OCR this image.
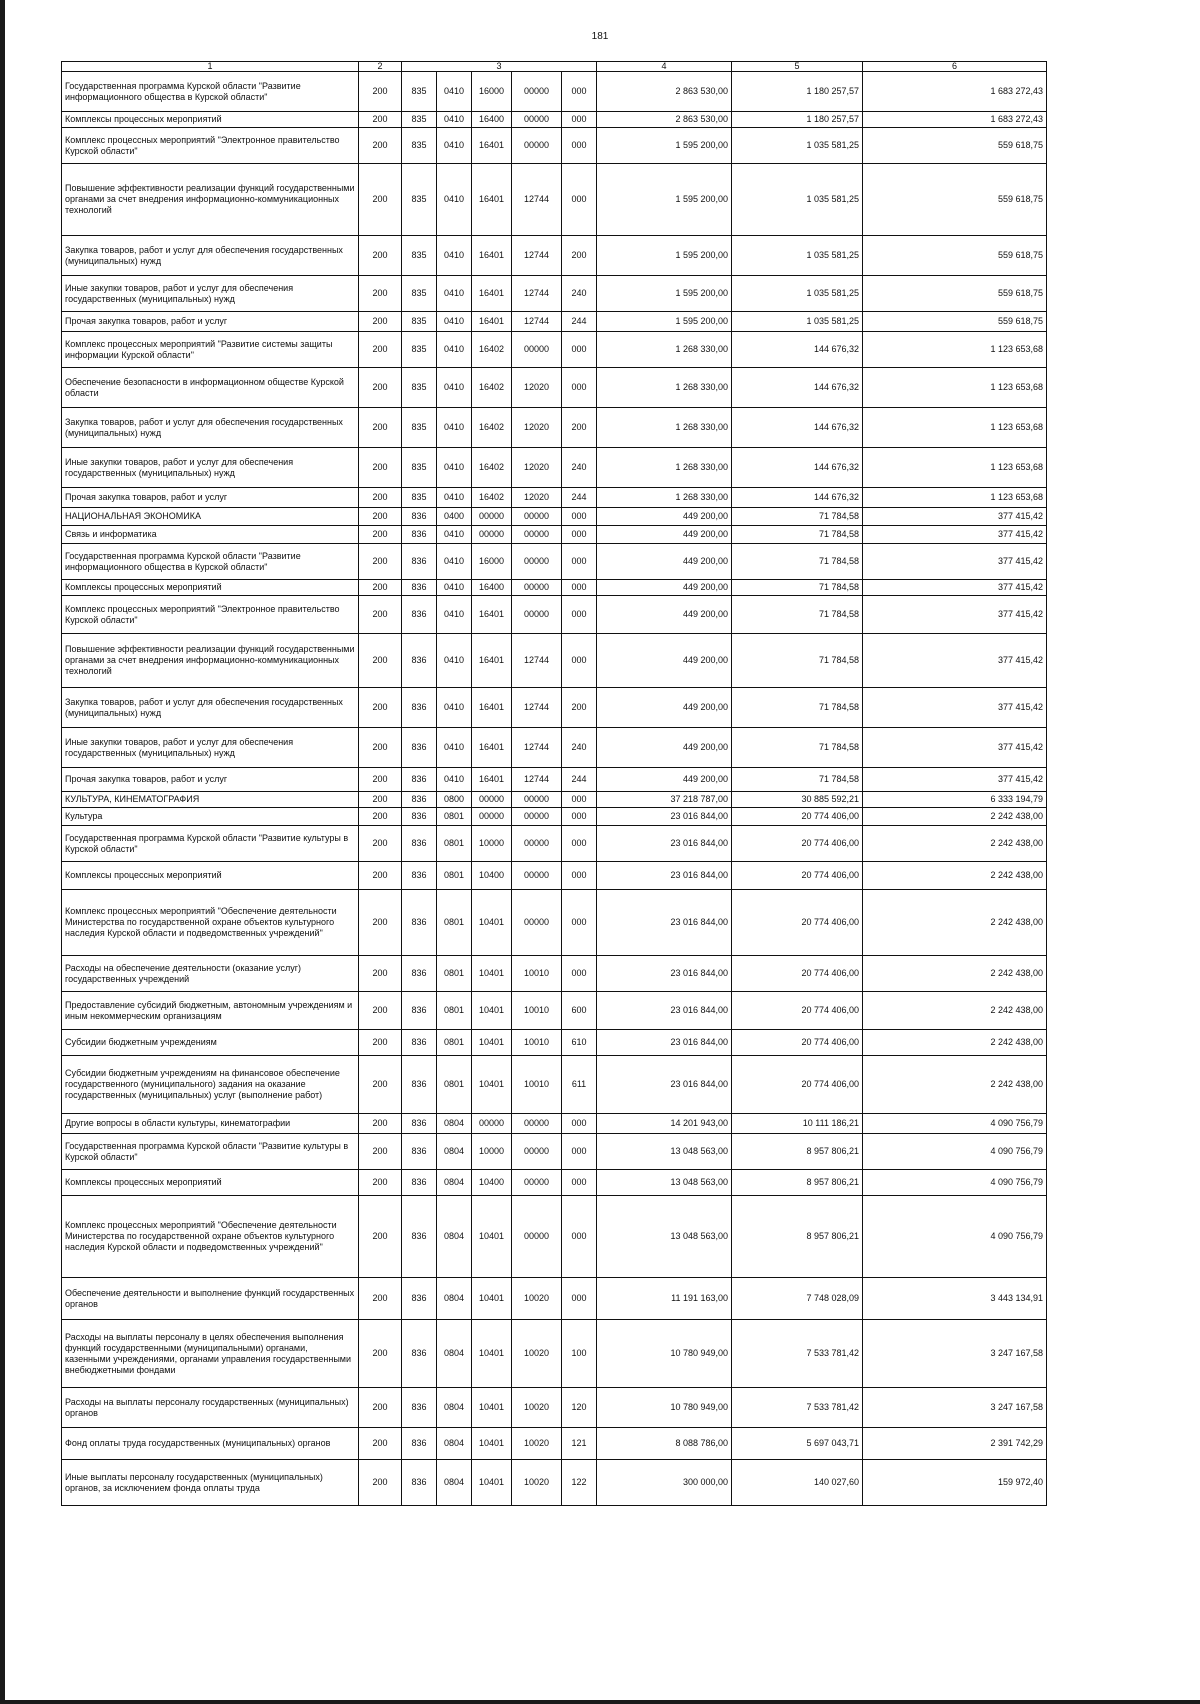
181
1	2	3					4	5	6
Государственная программа Курской области "Развитие информационного общества в Курской области"	200	835	0410	16000	00000	000	2 863 530,00	1 180 257,57	1 683 272,43
Комплексы процессных мероприятий	200	835	0410	16400	00000	000	2 863 530,00	1 180 257,57	1 683 272,43
Комплекс процессных мероприятий "Электронное правительство Курской области"	200	835	0410	16401	00000	000	1 595 200,00	1 035 581,25	559 618,75
Повышение эффективности реализации функций государственными органами за счет внедрения информационно-коммуникационных технологий	200	835	0410	16401	12744	000	1 595 200,00	1 035 581,25	559 618,75
Закупка товаров, работ и услуг для обеспечения государственных (муниципальных) нужд	200	835	0410	16401	12744	200	1 595 200,00	1 035 581,25	559 618,75
Иные закупки товаров, работ и услуг для обеспечения государственных (муниципальных) нужд	200	835	0410	16401	12744	240	1 595 200,00	1 035 581,25	559 618,75
Прочая закупка товаров, работ и услуг	200	835	0410	16401	12744	244	1 595 200,00	1 035 581,25	559 618,75
Комплекс процессных мероприятий "Развитие системы защиты информации Курской области"	200	835	0410	16402	00000	000	1 268 330,00	144 676,32	1 123 653,68
Обеспечение безопасности в информационном обществе Курской области	200	835	0410	16402	12020	000	1 268 330,00	144 676,32	1 123 653,68
Закупка товаров, работ и услуг для обеспечения государственных (муниципальных) нужд	200	835	0410	16402	12020	200	1 268 330,00	144 676,32	1 123 653,68
Иные закупки товаров, работ и услуг для обеспечения государственных (муниципальных) нужд	200	835	0410	16402	12020	240	1 268 330,00	144 676,32	1 123 653,68
Прочая закупка товаров, работ и услуг	200	835	0410	16402	12020	244	1 268 330,00	144 676,32	1 123 653,68
НАЦИОНАЛЬНАЯ ЭКОНОМИКА	200	836	0400	00000	00000	000	449 200,00	71 784,58	377 415,42
Связь и информатика	200	836	0410	00000	00000	000	449 200,00	71 784,58	377 415,42
Государственная программа Курской области "Развитие информационного общества в Курской области"	200	836	0410	16000	00000	000	449 200,00	71 784,58	377 415,42
Комплексы процессных мероприятий	200	836	0410	16400	00000	000	449 200,00	71 784,58	377 415,42
Комплекс процессных мероприятий "Электронное правительство Курской области"	200	836	0410	16401	00000	000	449 200,00	71 784,58	377 415,42
Повышение эффективности реализации функций государственными органами за счет внедрения информационно-коммуникационных технологий	200	836	0410	16401	12744	000	449 200,00	71 784,58	377 415,42
Закупка товаров, работ и услуг для обеспечения государственных (муниципальных) нужд	200	836	0410	16401	12744	200	449 200,00	71 784,58	377 415,42
Иные закупки товаров, работ и услуг для обеспечения государственных (муниципальных) нужд	200	836	0410	16401	12744	240	449 200,00	71 784,58	377 415,42
Прочая закупка товаров, работ и услуг	200	836	0410	16401	12744	244	449 200,00	71 784,58	377 415,42
КУЛЬТУРА, КИНЕМАТОГРАФИЯ	200	836	0800	00000	00000	000	37 218 787,00	30 885 592,21	6 333 194,79
Культура	200	836	0801	00000	00000	000	23 016 844,00	20 774 406,00	2 242 438,00
Государственная программа Курской области "Развитие культуры в Курской области"	200	836	0801	10000	00000	000	23 016 844,00	20 774 406,00	2 242 438,00
Комплексы процессных мероприятий	200	836	0801	10400	00000	000	23 016 844,00	20 774 406,00	2 242 438,00
Комплекс процессных мероприятий "Обеспечение деятельности Министерства по государственной охране объектов культурного наследия Курской области и подведомственных учреждений"	200	836	0801	10401	00000	000	23 016 844,00	20 774 406,00	2 242 438,00
Расходы на обеспечение деятельности (оказание услуг) государственных учреждений	200	836	0801	10401	10010	000	23 016 844,00	20 774 406,00	2 242 438,00
Предоставление субсидий бюджетным, автономным учреждениям и иным некоммерческим организациям	200	836	0801	10401	10010	600	23 016 844,00	20 774 406,00	2 242 438,00
Субсидии бюджетным учреждениям	200	836	0801	10401	10010	610	23 016 844,00	20 774 406,00	2 242 438,00
Субсидии бюджетным учреждениям на финансовое обеспечение государственного (муниципального) задания на оказание государственных (муниципальных) услуг (выполнение работ)	200	836	0801	10401	10010	611	23 016 844,00	20 774 406,00	2 242 438,00
Другие вопросы в области культуры, кинематографии	200	836	0804	00000	00000	000	14 201 943,00	10 111 186,21	4 090 756,79
Государственная программа Курской области "Развитие культуры в Курской области"	200	836	0804	10000	00000	000	13 048 563,00	8 957 806,21	4 090 756,79
Комплексы процессных мероприятий	200	836	0804	10400	00000	000	13 048 563,00	8 957 806,21	4 090 756,79
Комплекс процессных мероприятий "Обеспечение деятельности Министерства по государственной охране объектов культурного наследия Курской области и подведомственных учреждений"	200	836	0804	10401	00000	000	13 048 563,00	8 957 806,21	4 090 756,79
Обеспечение деятельности и выполнение функций государственных органов	200	836	0804	10401	10020	000	11 191 163,00	7 748 028,09	3 443 134,91
Расходы на выплаты персоналу в целях обеспечения выполнения функций государственными (муниципальными) органами, казенными учреждениями, органами управления государственными внебюджетными фондами	200	836	0804	10401	10020	100	10 780 949,00	7 533 781,42	3 247 167,58
Расходы на выплаты персоналу государственных (муниципальных) органов	200	836	0804	10401	10020	120	10 780 949,00	7 533 781,42	3 247 167,58
Фонд оплаты труда государственных (муниципальных) органов	200	836	0804	10401	10020	121	8 088 786,00	5 697 043,71	2 391 742,29
Иные выплаты персоналу государственных (муниципальных) органов, за исключением фонда оплаты труда	200	836	0804	10401	10020	122	300 000,00	140 027,60	159 972,40
